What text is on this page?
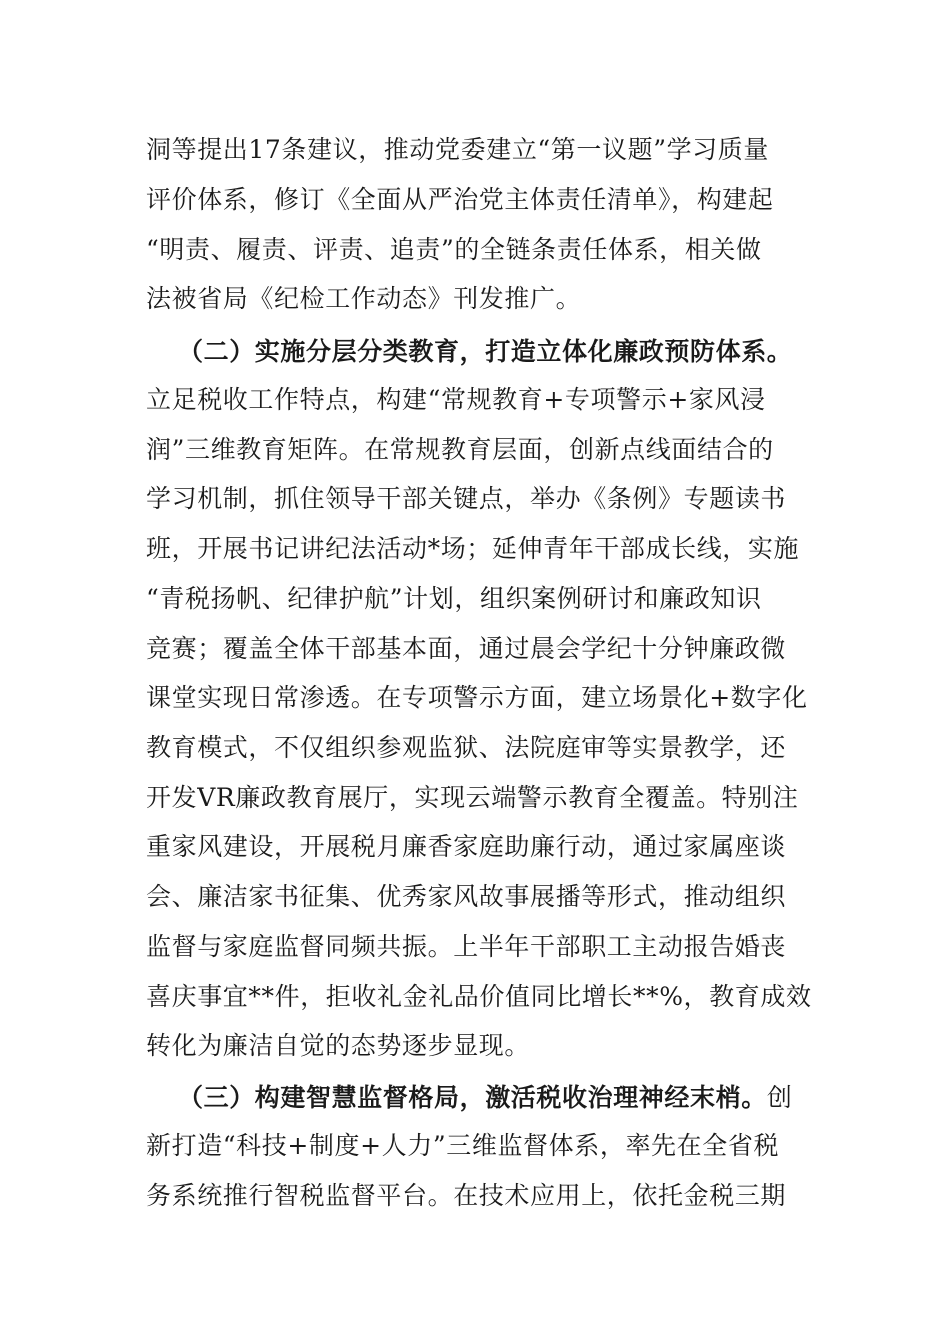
洞等提出17条建议，推动党委建立“第一议题”学习质量
评价体系，修订《全面从严治党主体责任清单》，构建起
“明责、履责、评责、追责”的全链条责任体系，相关做
法被省局《纪检工作动态》刊发推广。
（二）实施分层分类教育，打造立体化廉政预防体系。
立足税收工作特点，构建“常规教育+专项警示+家风浸
润”三维教育矩阵。在常规教育层面，创新点线面结合的
学习机制，抓住领导干部关键点，举办《条例》专题读书
班，开展书记讲纪法活动*场；延伸青年干部成长线，实施
“青税扬帆、纪律护航”计划，组织案例研讨和廉政知识
竞赛；覆盖全体干部基本面，通过晨会学纪十分钟廉政微
课堂实现日常渗透。在专项警示方面，建立场景化+数字化
教育模式，不仅组织参观监狱、法院庭审等实景教学，还
开发VR廉政教育展厅，实现云端警示教育全覆盖。特别注
重家风建设，开展税月廉香家庭助廉行动，通过家属座谈
会、廉洁家书征集、优秀家风故事展播等形式，推动组织
监督与家庭监督同频共振。上半年干部职工主动报告婚丧
喜庆事宜**件，拒收礼金礼品价值同比增长**%，教育成效
转化为廉洁自觉的态势逐步显现。
（三）构建智慧监督格局，激活税收治理神经末梢。创
新打造“科技+制度+人力”三维监督体系，率先在全省税
务系统推行智税监督平台。在技术应用上，依托金税三期
